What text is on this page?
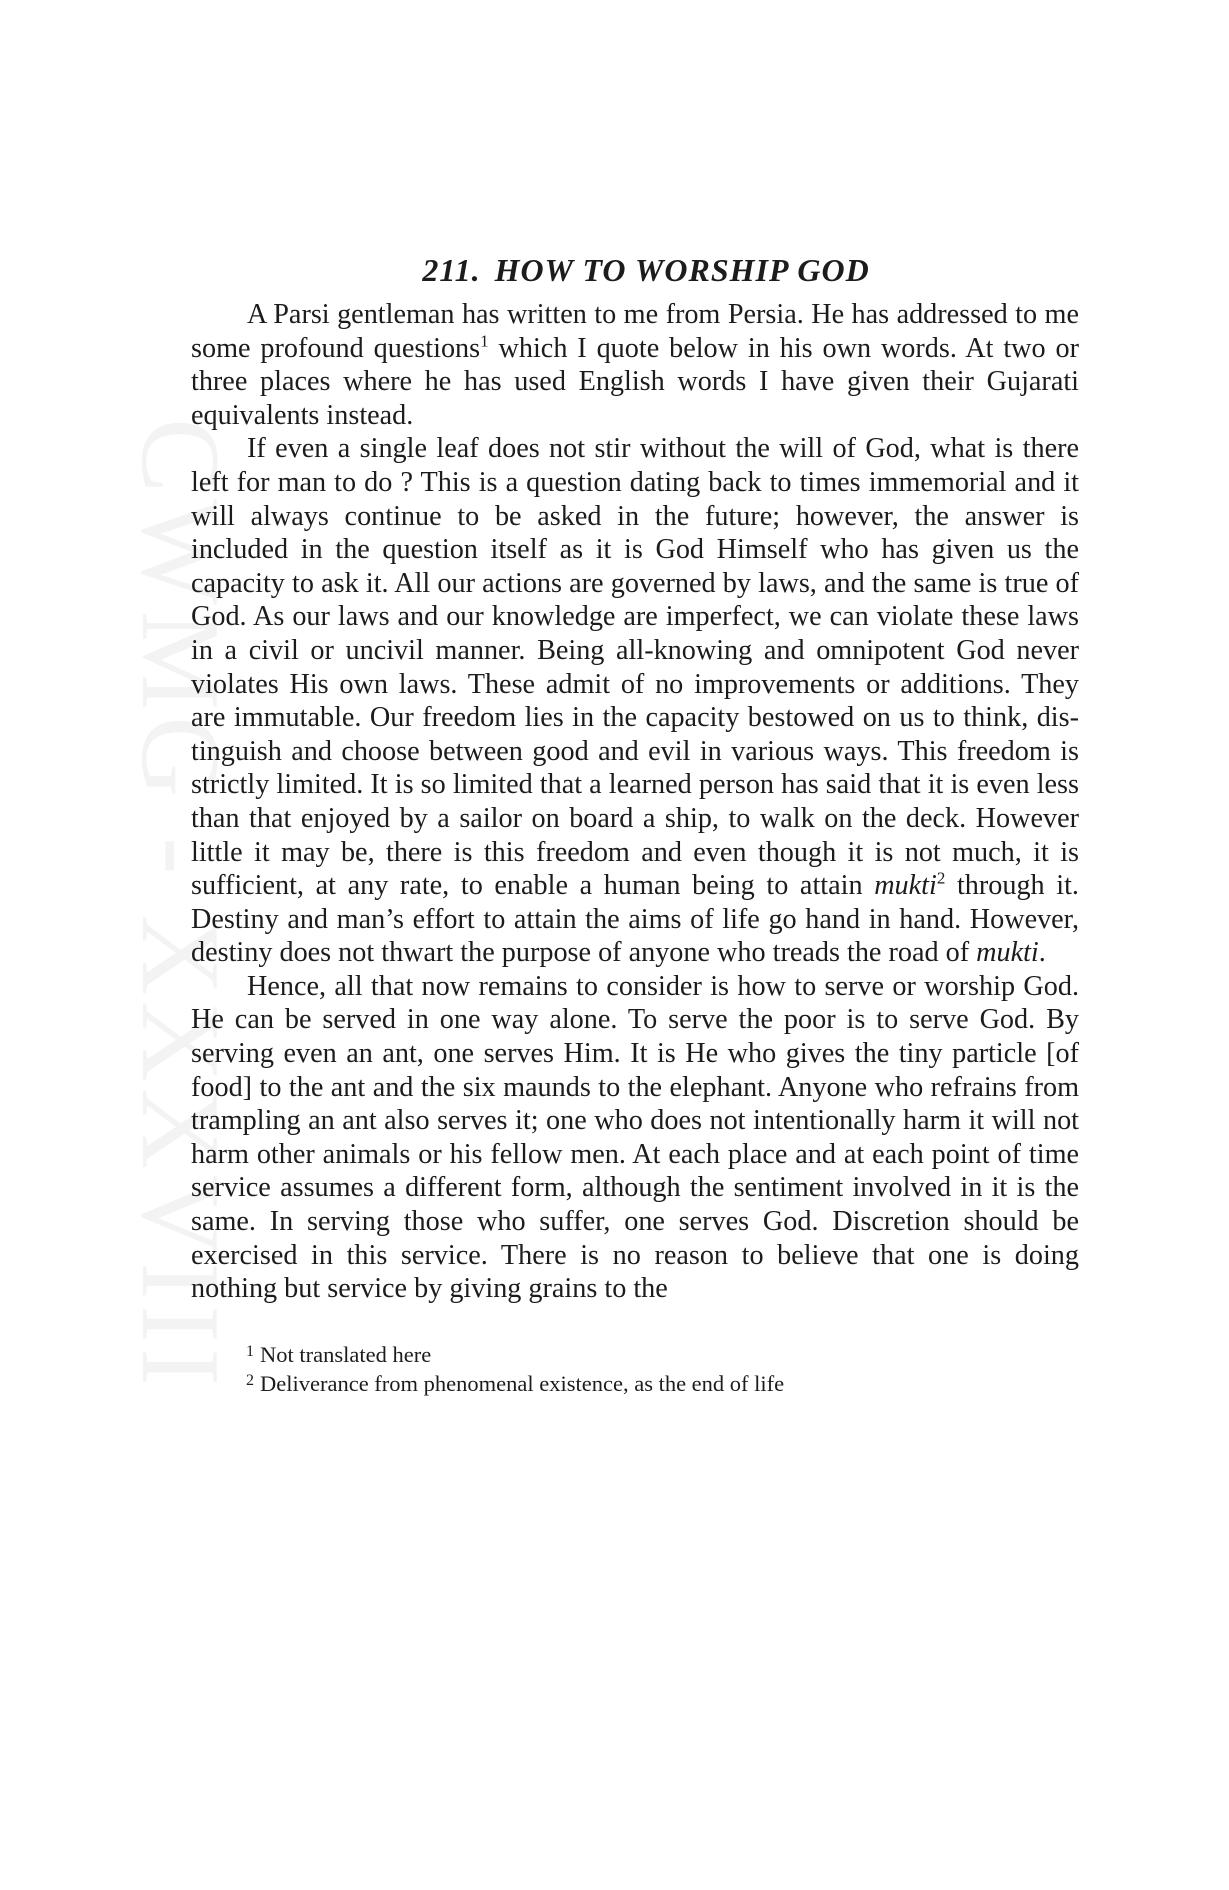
CWMG - XXXVIII
211. HOW TO WORSHIP GOD

A Parsi gentleman has written to me from Persia. He has addressed to me some profound questions$^1$ which I quote below in his own words. At two or three places where he has used English words I have given their Gujarati equivalents instead.

If even a single leaf does not stir without the will of God, what is there left for man to do ? This is a question dating back to times immemorial and it will always continue to be asked in the future; however, the answer is included in the question itself as it is God Himself who has given us the capacity to ask it. All our actions are governed by laws, and the same is true of God. As our laws and our knowledge are imperfect, we can violate these laws in a civil or uncivil manner. Being all-knowing and omnipotent God never violates His own laws. These admit of no improvements or additions. They are immutable. Our freedom lies in the capacity bestowed on us to think, distinguish and choose between good and evil in various ways. This freedom is strictly limited. It is so limited that a learned person has said that it is even less than that enjoyed by a sailor on board a ship, to walk on the deck. However little it may be, there is this freedom and even though it is not much, it is sufficient, at any rate, to enable a human being to attain mukti$^2$ through it. Destiny and man’s effort to attain the aims of life go hand in hand. However, destiny does not thwart the purpose of anyone who treads the road of mukti.

Hence, all that now remains to consider is how to serve or worship God. He can be served in one way alone. To serve the poor is to serve God. By serving even an ant, one serves Him. It is He who gives the tiny particle [of food] to the ant and the six maunds to the elephant. Anyone who refrains from trampling an ant also serves it; one who does not intentionally harm it will not harm other animals or his fellow men. At each place and at each point of time service assumes a different form, although the sentiment involved in it is the same. In serving those who suffer, one serves God. Discretion should be exercised in this service. There is no reason to believe that one is doing nothing but service by giving grains to the

$^1$ Not translated here

$^2$ Deliverance from phenomenal existence, as the end of life
